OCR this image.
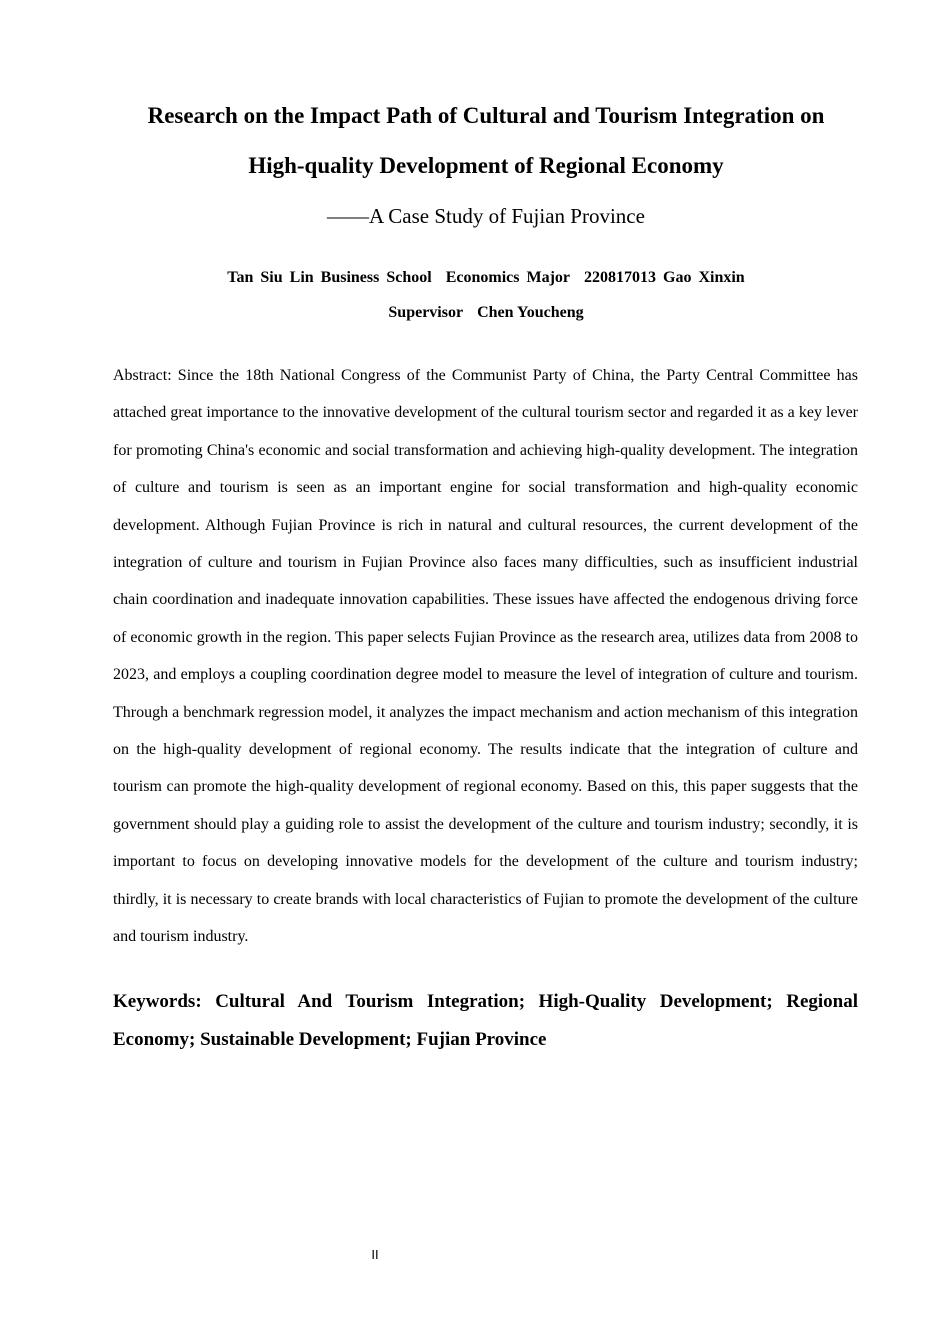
Research on the Impact Path of Cultural and Tourism Integration on
High-quality Development of Regional Economy
——A Case Study of Fujian Province
Tan Siu Lin Business School Economics Major 220817013 Gao Xinxin
Supervisor Chen Youcheng

Abstract: Since the 18th National Congress of the Communist Party of China, the Party Central Committee has attached great importance to the innovative development of the cultural tourism sector and regarded it as a key lever for promoting China's economic and social transformation and achieving high-quality development. The integration of culture and tourism is seen as an important engine for social transformation and high-quality economic development. Although Fujian Province is rich in natural and cultural resources, the current development of the integration of culture and tourism in Fujian Province also faces many difficulties, such as insufficient industrial chain coordination and inadequate innovation capabilities. These issues have affected the endogenous driving force of economic growth in the region. This paper selects Fujian Province as the research area, utilizes data from 2008 to 2023, and employs a coupling coordination degree model to measure the level of integration of culture and tourism. Through a benchmark regression model, it analyzes the impact mechanism and action mechanism of this integration on the high-quality development of regional economy. The results indicate that the integration of culture and tourism can promote the high-quality development of regional economy. Based on this, this paper suggests that the government should play a guiding role to assist the development of the culture and tourism industry; secondly, it is important to focus on developing innovative models for the development of the culture and tourism industry; thirdly, it is necessary to create brands with local characteristics of Fujian to promote the development of the culture and tourism industry.

Keywords: Cultural And Tourism Integration; High-Quality Development; Regional Economy; Sustainable Development; Fujian Province

II
